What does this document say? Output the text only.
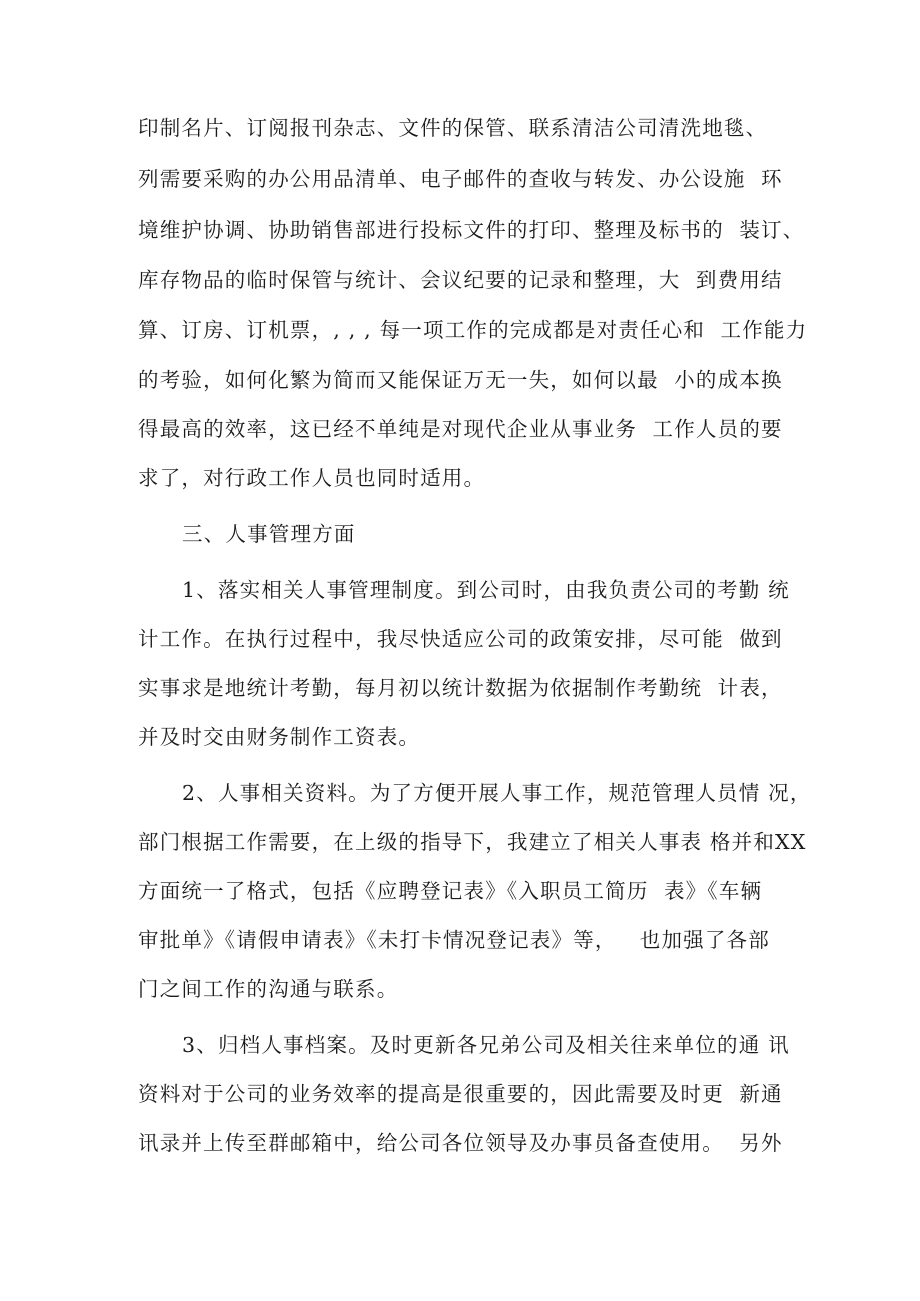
印制名片、订阅报刊杂志、文件的保管、联系清洁公司清洗地毯、
列需要采购的办公用品清单、电子邮件的查收与转发、办公设施  环
境维护协调、协助销售部进行投标文件的打印、整理及标书的  装订、
库存物品的临时保管与统计、会议纪要的记录和整理，大  到费用结
算、订房、订机票，, , , 每一项工作的完成都是对责任心和  工作能力
的考验，如何化繁为简而又能保证万无一失，如何以最  小的成本换
得最高的效率，这已经不单纯是对现代企业从事业务  工作人员的要
求了，对行政工作人员也同时适用。
三、人事管理方面
1、落实相关人事管理制度。到公司时，由我负责公司的考勤 统
计工作。在执行过程中，我尽快适应公司的政策安排，尽可能  做到
实事求是地统计考勤，每月初以统计数据为依据制作考勤统  计表，
并及时交由财务制作工资表。
2、人事相关资料。为了方便开展人事工作，规范管理人员情 况，
部门根据工作需要，在上级的指导下，我建立了相关人事表 格并和XX
方面统一了格式，包括《应聘登记表》《入职员工简历  表》《车辆
审批单》《请假申请表》《未打卡情况登记表》等，   也加强了各部
门之间工作的沟通与联系。
3、归档人事档案。及时更新各兄弟公司及相关往来单位的通 讯
资料对于公司的业务效率的提高是很重要的，因此需要及时更  新通
讯录并上传至群邮箱中，给公司各位领导及办事员备查使用。  另外
